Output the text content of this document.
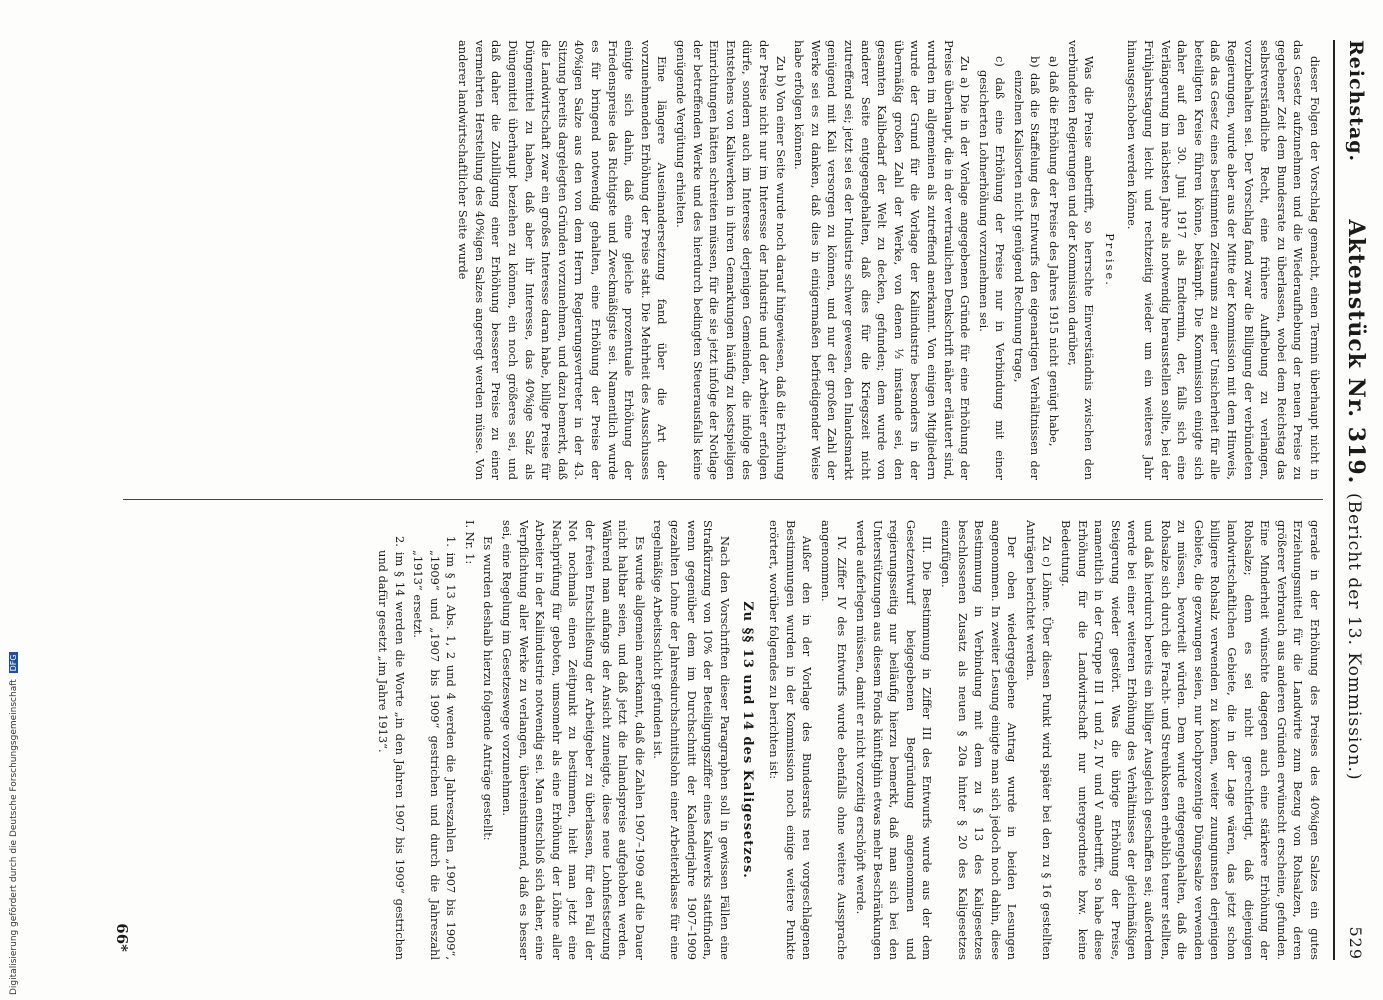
Reichstag.
Aktenstück Nr. 319. (Bericht der 13. Kommission.)
529

dieser Folgen der Vorschlag gemacht, einen Termin überhaupt nicht in das Gesetz aufzunehmen und die Wiederaufhebung der neuen Preise zu gegebener Zeit dem Bundesrate zu überlassen, wobei dem Reichstag das selbstverständliche Recht, eine frühere Aufhebung zu verlangen, vorzubehalten sei. Der Vorschlag fand zwar die Billigung der verbündeten Regierungen, wurde aber aus der Mitte der Kommission mit dem Hinweis, daß das Gesetz eines bestimmten Zeitraums zu einer Unsicherheit für alle beteiligten Kreise führen könne, bekämpft. Die Kommission einigte sich daher auf den 30. Juni 1917 als Endtermin, der, falls sich eine Verlängerung im nächsten Jahre als notwendig herausstellen sollte, bei der Frühjahrstagung leicht und rechtzeitig wieder um ein weiteres Jahr hinausgeschoben werden könne.

Preise.

Was die Preise anbetrifft, so herrschte Einverständnis zwischen den verbündeten Regierungen und der Kommission darüber,

a) daß die Erhöhung der Preise des Jahres 1915 nicht genügt habe,

b) daß die Staffelung des Entwurfs den eigenartigen Verhältnissen der einzelnen Kalisorten nicht genügend Rechnung trage,

c) daß eine Erhöhung der Preise nur in Verbindung mit einer gesicherten Lohnerhöhung vorzunehmen sei.

Zu a) Die in der Vorlage angegebenen Gründe für eine Erhöhung der Preise überhaupt, die in der vertraulichen Denkschrift näher erläutert sind, wurden im allgemeinen als zutreffend anerkannt. Von einigen Mitgliedern wurde der Grund für die Vorlage der Kaliindustrie besonders in der übermäßig großen Zahl der Werke, von denen ⅓ imstande sei, den gesamten Kalibedarf der Welt zu decken, gefunden; dem wurde von anderer Seite entgegengehalten, daß dies für die Kriegszeit nicht zutreffend sei; jetzt sei es der Industrie schwer gewesen, den Inlandsmarkt genügend mit Kali versorgen zu können, und nur der großen Zahl der Werke sei es zu danken, daß dies in einigermaßen befriedigender Weise habe erfolgen können.

Zu b) Von einer Seite wurde noch darauf hingewiesen, daß die Erhöhung der Preise nicht nur im Interesse der Industrie und der Arbeiter erfolgen dürfe, sondern auch im Interesse derjenigen Gemeinden, die infolge des Entstehens von Kaliwerken in ihren Gemarkungen häufig zu kostspieligen Einrichtungen hätten schreiten müssen, für die sie jetzt infolge der Notlage der betreffenden Werke und des hierdurch bedingten Steuerausfalls keine genügende Vergütung erhielten.

Eine längere Auseinandersetzung fand über die Art der vorzunehmenden Erhöhung der Preise statt. Die Mehrheit des Ausschusses einigte sich dahin, daß eine gleiche prozentuale Erhöhung der Friedenspreise das Richtigste und Zweckmäßigste sei. Namentlich wurde es für bringend notwendig gehalten, eine Erhöhung der Preise der 40%igen Salze aus den von dem Herrn Regierungsvertreter in der 43. Sitzung bereits dargelegten Gründen vorzunehmen, und dazu bemerkt, daß die Landwirtschaft zwar ein großes Interesse daran habe, billige Preise für Düngemittel zu haben, daß aber ihr Interesse, das 40%ige Salz als Düngemittel überhaupt beziehen zu können, ein noch größeres sei, und daß daher die Zubilligung einer Erhöhung besserer Preise zu einer vermehrten Herstellung des 40%igen Salzes angeregt werden müsse. Von anderer landwirtschaftlicher Seite wurde

gerade in der Erhöhung des Preises des 40%igen Salzes ein gutes Erziehungsmittel für die Landwirte zum Bezug von Rohsalzen, deren größerer Verbrauch aus anderen Gründen erwünscht erscheine, gefunden. Eine Minderheit wünschte dagegen auch eine stärkere Erhöhung der Rohsalze; denn es sei nicht gerechtfertigt, daß diejenigen landwirtschaftlichen Gebiete, die in der Lage wären, das jetzt schon billigere Rohsalz verwenden zu können, weiter zuungunsten derjenigen Gebiete, die gezwungen seien, nur hochprozentige Düngesalze verwenden zu müssen, bevorteilt würden. Dem wurde entgegengehalten, daß die Rohsalze sich durch die Fracht- und Streuhkosten erheblich teurer stellten, und daß hierdurch bereits ein billiger Ausgleich geschaffen sei; außerdem werde bei einer weiteren Erhöhung des Verhältnisses der gleichmäßigen Steigerung wieder gestört. Was die übrige Erhöhung der Preise, namentlich in der Gruppe III 1 und 2, IV und V anbetrifft, so habe diese Erhöhung für die Landwirtschaft nur untergeordnete bzw. keine Bedeutung.

Zu c) Löhne. Über diesen Punkt wird später bei den zu § 16 gestellten Anträgen berichtet werden.

Der oben wiedergegebene Antrag wurde in beiden Lesungen angenommen. In zweiter Lesung einigte man sich jedoch noch dahin, diese Bestimmung in Verbindung mit dem zu § 13 des Kaligesetzes beschlossenen Zusatz als neuen § 20a hinter § 20 des Kaligesetzes einzufügen.

III. Die Bestimmung in Ziffer III des Entwurfs wurde aus der dem Gesetzentwurf beigegebenen Begründung angenommen und regierungsseitig nur beiläufig hierzu bemerkt, daß man sich bei den Unterstützungen aus diesem Fonds künftighin etwas mehr Beschränkungen werde auferlegen müssen, damit er nicht vorzeitig erschöpft werde.

IV. Ziffer IV des Entwurfs wurde ebenfalls ohne weitere Aussprache angenommen.

Außer den in der Vorlage des Bundesrats neu vorgeschlagenen Bestimmungen wurden in der Kommission noch einige weitere Punkte erörtert, worüber folgendes zu berichten ist:

Zu §§ 13 und 14 des Kaligesetzes.

Nach den Vorschriften dieser Paragraphen soll in gewissen Fällen eine Strafkürzung von 10% der Beteiligungsziffer eines Kaliwerks stattfinden, wenn gegenüber dem im Durchschnitt der Kalenderjahre 1907–1909 gezahlten Lohne der Jahresdurchschnittslohn einer Arbeiterklasse für eine regelmäßige Arbeitsschicht gefunden ist.

Es wurde allgemein anerkannt, daß die Zahlen 1907–1909 auf die Dauer nicht haltbar seien, und daß jetzt die Inlandspreise aufgehoben werden. Während man anfangs der Ansicht zuneigte, diese neue Lohnfestsetzung der freien Entschließung der Arbeitgeber zu überlassen, für den Fall der Not nochmals einen Zeitpunkt zu bestimmen, hielt man jetzt eine Nachprüfung für geboten, umsomehr als eine Erhöhung der Löhne aller Arbeiter in der Kaliindustrie notwendig sei. Man entschloß sich daher, eine Verpflichtung aller Werke zu verlangen, übereinstimmend, daß es besser sei, eine Regelung im Gesetzeswege vorzunehmen.

Es wurden deshalb hierzu folgende Anträge gestellt:

I. Nr. 1:

1. im § 13 Abs. 1, 2 und 4 werden die Jahreszahlen „1907 bis 1909“, „1909“ und „1907 bis 1909“ gestrichen und durch die Jahreszahl „1913“ ersetzt.

2. im § 14 werden die Worte „in den Jahren 1907 bis 1909“ gestrichen und dafür gesetzt „im Jahre 1913“.

66*
Digitalisierung gefördert durch die Deutsche Forschungsgemeinschaft DFG
